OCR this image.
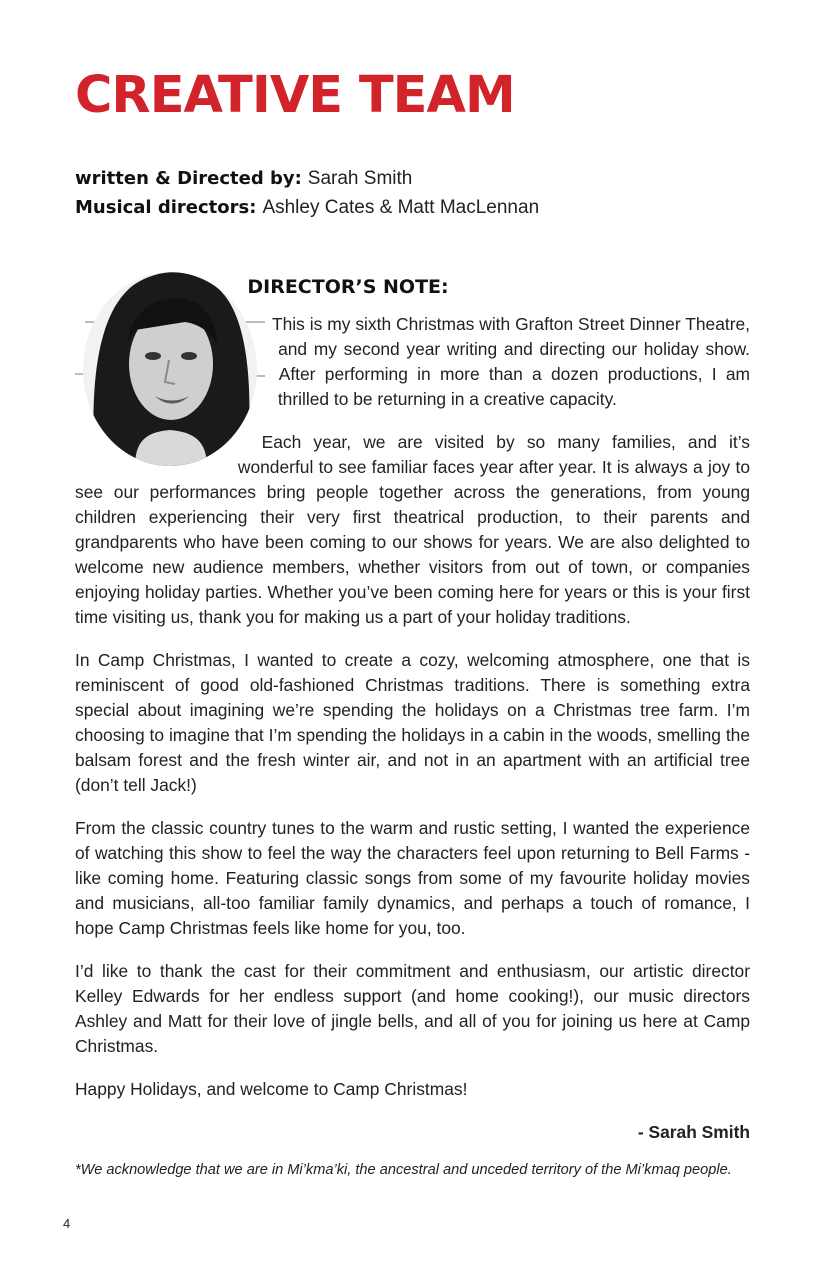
CREATIVE TEAM
written & Directed by: Sarah Smith
Musical directors: Ashley Cates & Matt MacLennan
DIRECTOR’S NOTE:

This is my sixth Christmas with Grafton Street Dinner Theatre, and my second year writing and directing our holiday show. After performing in more than a dozen productions, I am thrilled to be returning in a creative capacity.

Each year, we are visited by so many families, and it’s wonderful to see familiar faces year after year. It is always a joy to see our performances bring people together across the generations, from young children experiencing their very first theatrical production, to their parents and grandparents who have been coming to our shows for years. We are also delighted to welcome new audience members, whether visitors from out of town, or companies enjoying holiday parties. Whether you’ve been coming here for years or this is your first time visiting us, thank you for making us a part of your holiday traditions.

In Camp Christmas, I wanted to create a cozy, welcoming atmosphere, one that is reminiscent of good old-fashioned Christmas traditions. There is something extra special about imagining we’re spending the holidays on a Christmas tree farm. I’m choosing to imagine that I’m spending the holidays in a cabin in the woods, smelling the balsam forest and the fresh winter air, and not in an apartment with an artificial tree (don’t tell Jack!)

From the classic country tunes to the warm and rustic setting, I wanted the experience of watching this show to feel the way the characters feel upon returning to Bell Farms - like coming home. Featuring classic songs from some of my favourite holiday movies and musicians, all-too familiar family dynamics, and perhaps a touch of romance, I hope Camp Christmas feels like home for you, too.

I’d like to thank the cast for their commitment and enthusiasm, our artistic director Kelley Edwards for her endless support (and home cooking!), our music directors Ashley and Matt for their love of jingle bells, and all of you for joining us here at Camp Christmas.

Happy Holidays, and welcome to Camp Christmas!

- Sarah Smith
*We acknowledge that we are in Mi’kma’ki, the ancestral and unceded territory of the Mi’kmaq people.
4
